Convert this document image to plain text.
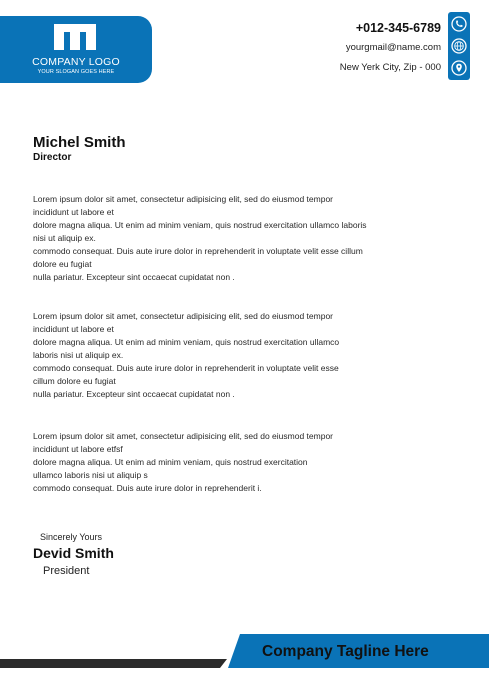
COMPANY LOGO
YOUR SLOGAN GOES HERE
+012-345-6789
yourgmail@name.com
New Yerk City, Zip - 000
Michel Smith
Director
Lorem ipsum dolor sit amet, consectetur adipisicing elit, sed do eiusmod tempor
incididunt ut labore et
dolore magna aliqua. Ut enim ad minim veniam, quis nostrud exercitation ullamco laboris
nisi ut aliquip ex.
commodo consequat. Duis aute irure dolor in reprehenderit in voluptate velit esse cillum
dolore eu fugiat
nulla pariatur. Excepteur sint occaecat cupidatat non .
Lorem ipsum dolor sit amet, consectetur adipisicing elit, sed do eiusmod tempor
incididunt ut labore et
dolore magna aliqua. Ut enim ad minim veniam, quis nostrud exercitation ullamco
laboris nisi ut aliquip ex.
commodo consequat. Duis aute irure dolor in reprehenderit in voluptate velit esse
cillum dolore eu fugiat
nulla pariatur. Excepteur sint occaecat cupidatat non .
Lorem ipsum dolor sit amet, consectetur adipisicing elit, sed do eiusmod tempor
incididunt ut labore etfsf
dolore magna aliqua. Ut enim ad minim veniam, quis nostrud exercitation
ullamco laboris nisi ut aliquip s
commodo consequat. Duis aute irure dolor in reprehenderit i.
Sincerely Yours
Devid Smith
President
Company Tagline Here
